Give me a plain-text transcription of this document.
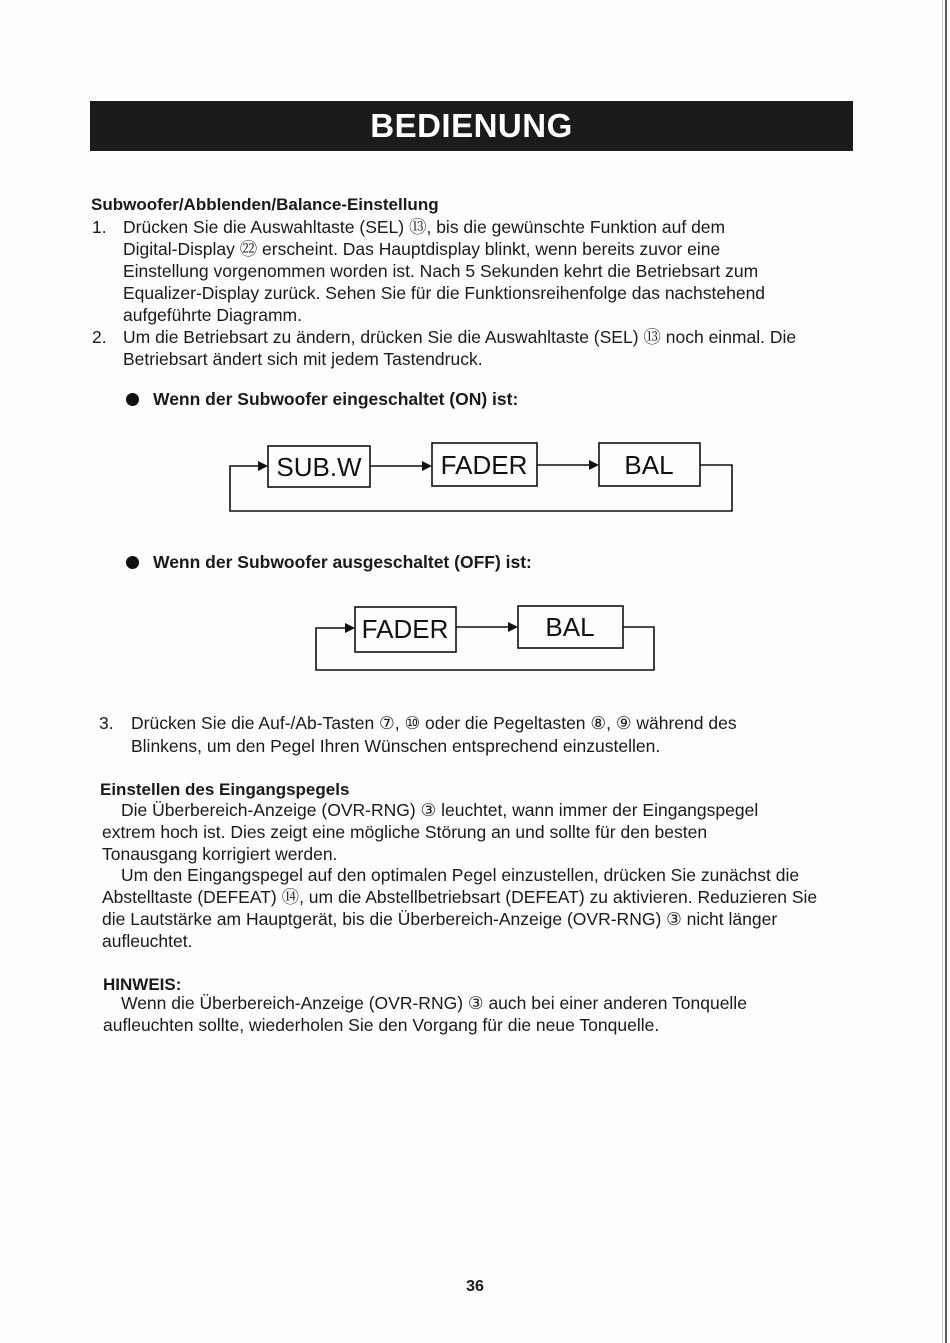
BEDIENUNG
Subwoofer/Abblenden/Balance-Einstellung
1. Drücken Sie die Auswahltaste (SEL) ⑬, bis die gewünschte Funktion auf dem
Digital-Display ㉒ erscheint. Das Hauptdisplay blinkt, wenn bereits zuvor eine
Einstellung vorgenommen worden ist. Nach 5 Sekunden kehrt die Betriebsart zum
Equalizer-Display zurück. Sehen Sie für die Funktionsreihenfolge das nachstehend
aufgeführte Diagramm.
2. Um die Betriebsart zu ändern, drücken Sie die Auswahltaste (SEL) ⑬ noch einmal. Die
Betriebsart ändert sich mit jedem Tastendruck.
Wenn der Subwoofer eingeschaltet (ON) ist:
SUB.W	FADER	BAL
Wenn der Subwoofer ausgeschaltet (OFF) ist:
FADER	BAL
3. Drücken Sie die Auf-/Ab-Tasten ⑦, ⑩ oder die Pegeltasten ⑧, ⑨ während des
Blinkens, um den Pegel Ihren Wünschen entsprechend einzustellen.
Einstellen des Eingangspegels
Die Überbereich-Anzeige (OVR-RNG) ③ leuchtet, wann immer der Eingangspegel
extrem hoch ist. Dies zeigt eine mögliche Störung an und sollte für den besten
Tonausgang korrigiert werden.
Um den Eingangspegel auf den optimalen Pegel einzustellen, drücken Sie zunächst die
Abstelltaste (DEFEAT) ⑭, um die Abstellbetriebsart (DEFEAT) zu aktivieren. Reduzieren Sie
die Lautstärke am Hauptgerät, bis die Überbereich-Anzeige (OVR-RNG) ③ nicht länger
aufleuchtet.
HINWEIS:
Wenn die Überbereich-Anzeige (OVR-RNG) ③ auch bei einer anderen Tonquelle
aufleuchten sollte, wiederholen Sie den Vorgang für die neue Tonquelle.
36
